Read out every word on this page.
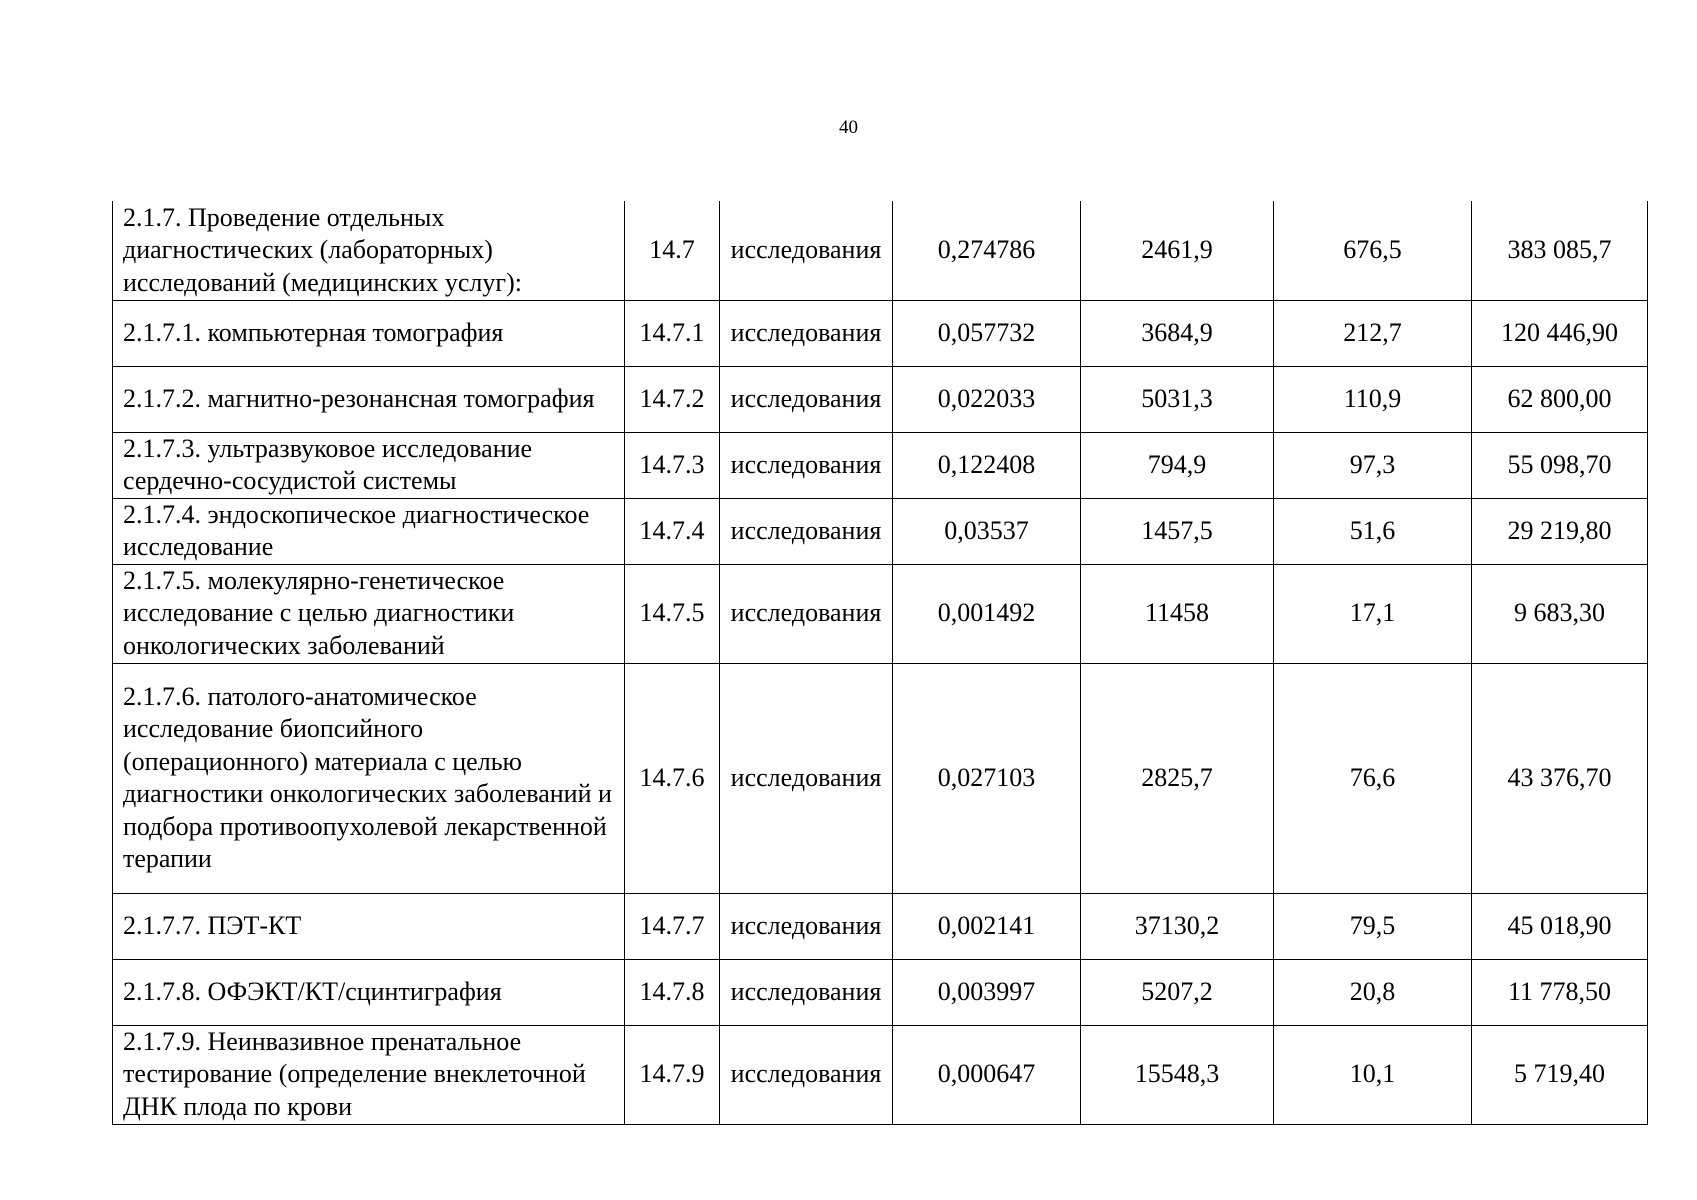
40
2.1.7. Проведение отдельных диагностических (лабораторных) исследований (медицинских услуг):	14.7	исследования	0,274786	2461,9	676,5	383 085,7
2.1.7.1. компьютерная томография	14.7.1	исследования	0,057732	3684,9	212,7	120 446,90
2.1.7.2. магнитно-резонансная томография	14.7.2	исследования	0,022033	5031,3	110,9	62 800,00
2.1.7.3. ультразвуковое исследование сердечно-сосудистой системы	14.7.3	исследования	0,122408	794,9	97,3	55 098,70
2.1.7.4. эндоскопическое диагностическое исследование	14.7.4	исследования	0,03537	1457,5	51,6	29 219,80
2.1.7.5. молекулярно-генетическое исследование с целью диагностики онкологических заболеваний	14.7.5	исследования	0,001492	11458	17,1	9 683,30
2.1.7.6. патолого-анатомическое исследование биопсийного (операционного) материала с целью диагностики онкологических заболеваний и подбора противоопухолевой лекарственной терапии	14.7.6	исследования	0,027103	2825,7	76,6	43 376,70
2.1.7.7. ПЭТ-КТ	14.7.7	исследования	0,002141	37130,2	79,5	45 018,90
2.1.7.8. ОФЭКТ/КТ/сцинтиграфия	14.7.8	исследования	0,003997	5207,2	20,8	11 778,50
2.1.7.9. Неинвазивное пренатальное тестирование (определение внеклеточной ДНК плода по крови	14.7.9	исследования	0,000647	15548,3	10,1	5 719,40
